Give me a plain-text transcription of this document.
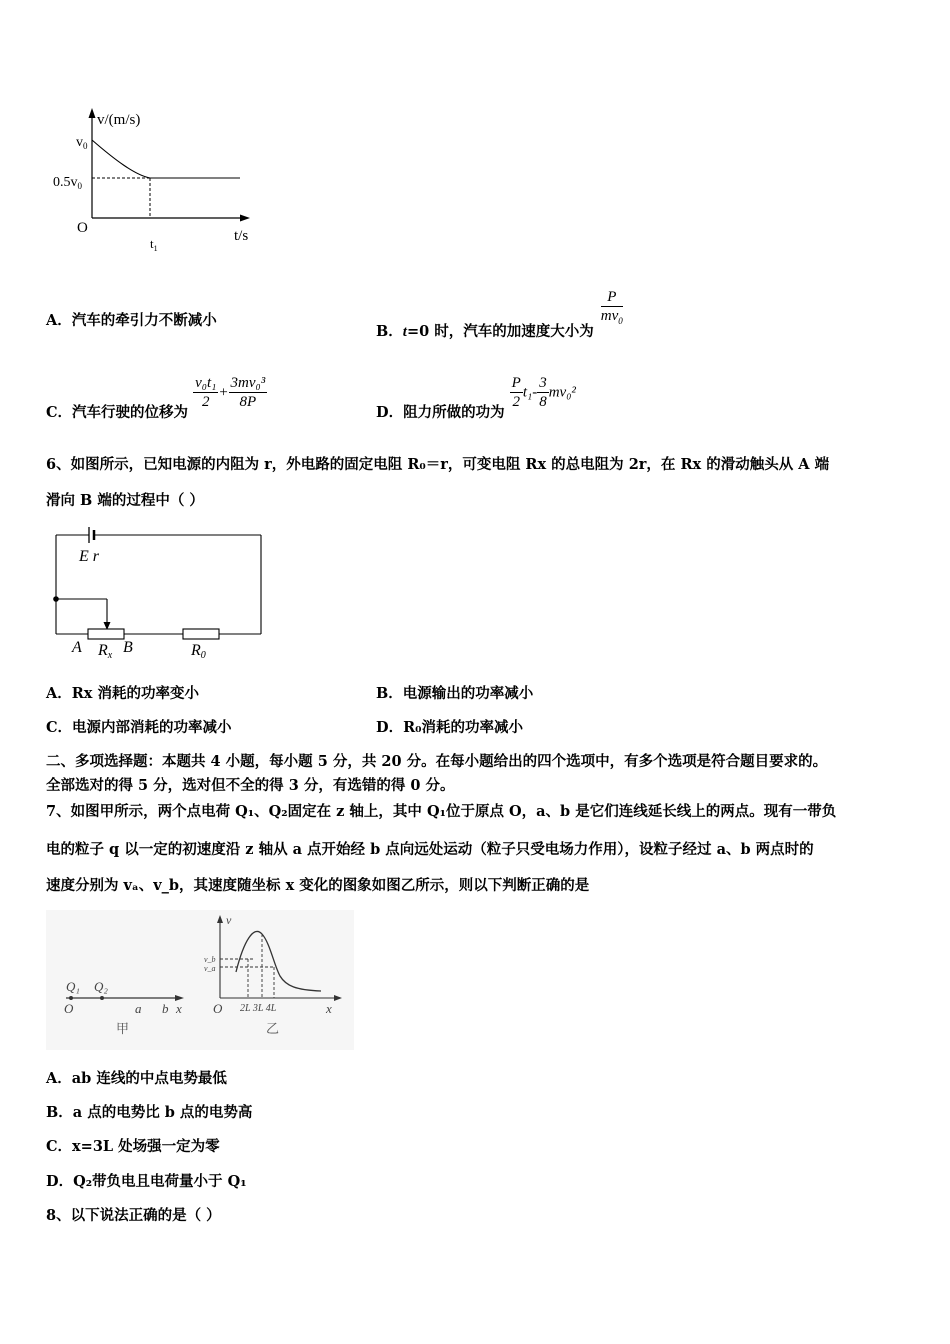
v/(m/s)
$v_0$
$0.5v_0$
O
$t_1$
t/s
A．汽车的牵引力不断减小
B．t=0 时，汽车的加速度大小为
$\frac{P}{mv_0}$
C．汽车行驶的位移为
$\frac{\text{v₀t₁}}{2} + \frac{\text{3mv₀³}}{8P}$
D．阻力所做的功为
$\frac{P}{2} t_1- \frac{3}{8} mv_0^2$
6、如图所示，已知电源的内阻为 r，外电路的固定电阻 R₀＝r，可变电阻 Rx 的总电阻为 2r，在 Rx 的滑动触头从 A 端
滑向 B 端的过程中（ ）
E r
A Rx B	R0
A．Rx 消耗的功率变小	B．电源输出的功率减小
C．电源内部消耗的功率减小	D．R₀消耗的功率减小
二、多项选择题：本题共 4 小题，每小题 5 分，共 20 分。在每小题给出的四个选项中，有多个选项是符合题目要求的。
全部选对的得 5 分，选对但不全的得 3 分，有选错的得 0 分。
7、如图甲所示，两个点电荷 Q₁、Q₂固定在 z 轴上，其中 Q₁位于原点 O，a、b 是它们连线延长线上的两点。现有一带负
电的粒子 q 以一定的初速度沿 z 轴从 a 点开始经 b 点向远处运动（粒子只受电场力作用），设粒子经过 a、b 两点时的
速度分别为 vₐ、v_b，其速度随坐标 x 变化的图象如图乙所示，则以下判断正确的是
Q₁ Q₂
O	a b x
甲
v
v_b
v_a
O 2L 3L 4L	x
乙
A．ab 连线的中点电势最低
B．a 点的电势比 b 点的电势高
C．x=3L 处场强一定为零
D．Q₂带负电且电荷量小于 Q₁
8、以下说法正确的是（ ）
